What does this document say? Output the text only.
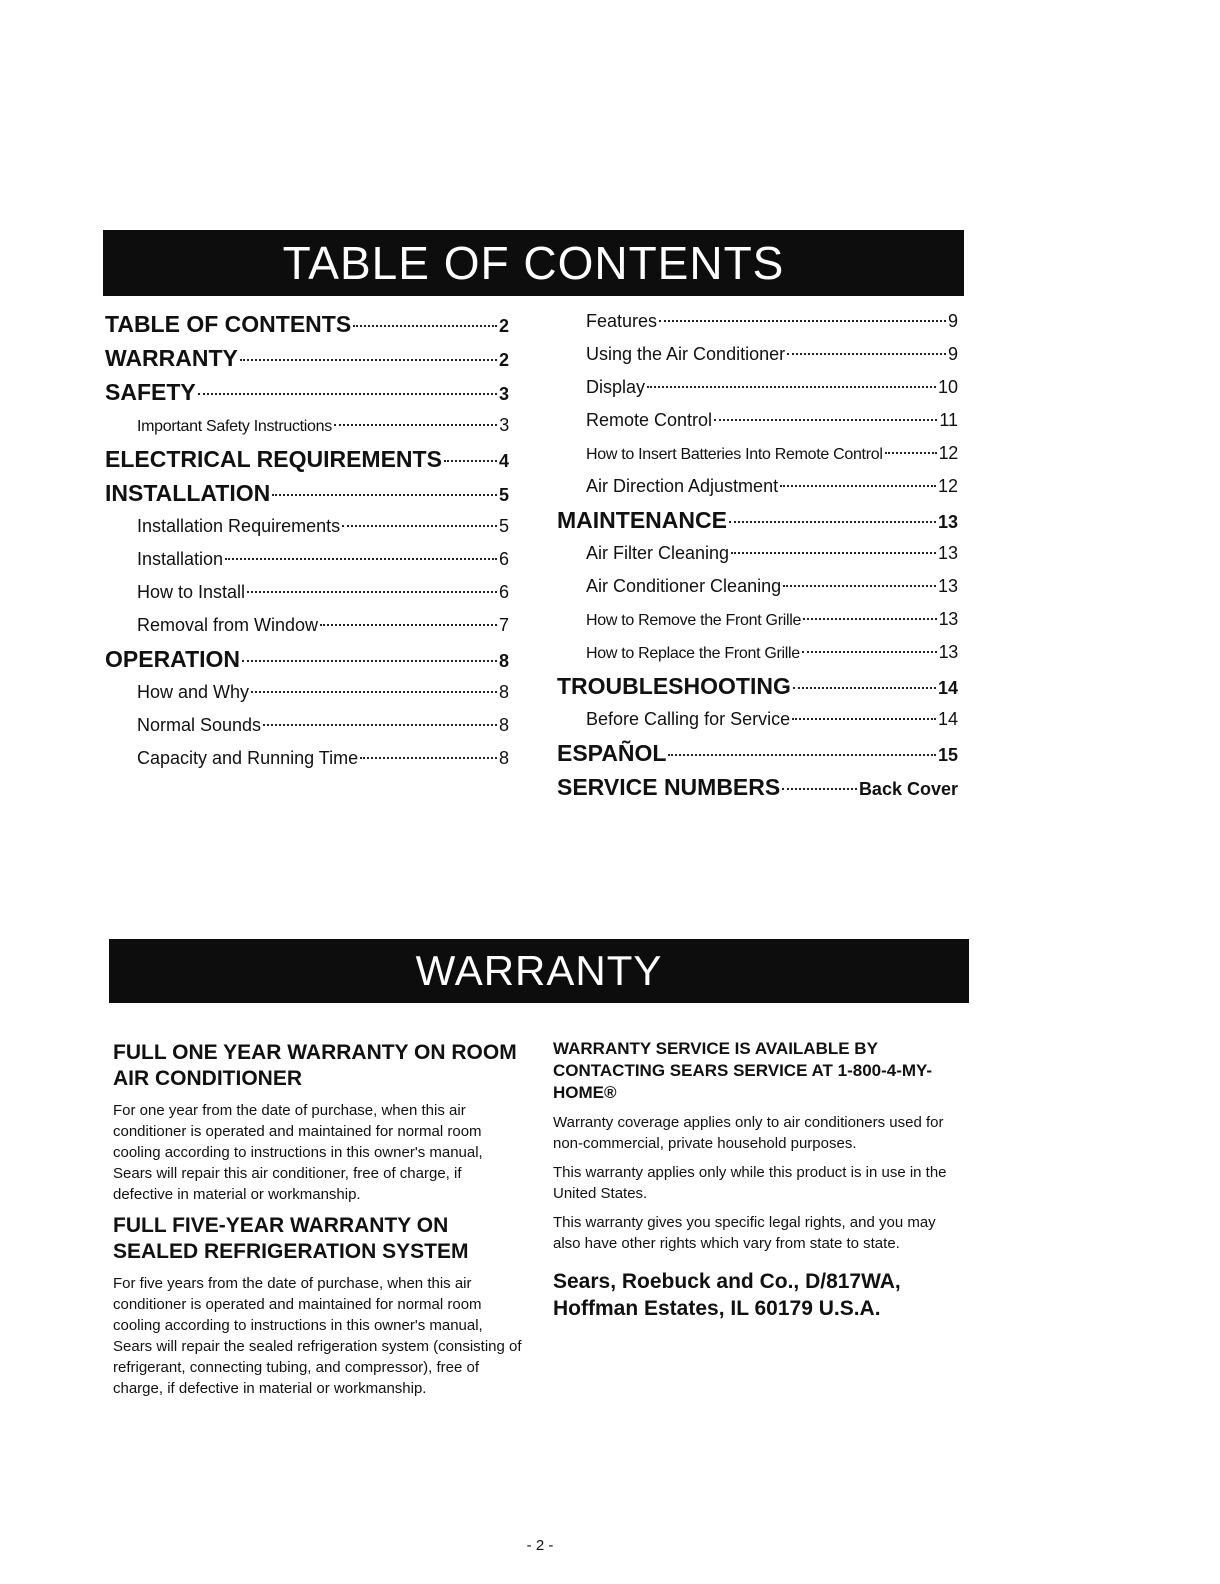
TABLE OF CONTENTS
TABLE OF CONTENTS	2
WARRANTY	2
SAFETY	3
Important Safety Instructions	3
ELECTRICAL REQUIREMENTS	4
INSTALLATION	5
Installation Requirements	5
Installation	6
How to Install	6
Removal from Window	7
OPERATION	8
How and Why	8
Normal Sounds	8
Capacity and Running Time	8
Features	9
Using the Air Conditioner	9
Display	10
Remote Control	11
How to Insert Batteries Into Remote Control	12
Air Direction Adjustment	12
MAINTENANCE	13
Air Filter Cleaning	13
Air Conditioner Cleaning	13
How to Remove the Front Grille	13
How to Replace the Front Grille	13
TROUBLESHOOTING	14
Before Calling for Service	14
ESPAÑOL	15
SERVICE NUMBERS	Back Cover
WARRANTY
FULL ONE YEAR WARRANTY ON ROOM AIR CONDITIONER
For one year from the date of purchase, when this air conditioner is operated and maintained for normal room cooling according to instructions in this owner's manual, Sears will repair this air conditioner, free of charge, if defective in material or workmanship.
FULL FIVE-YEAR WARRANTY ON SEALED REFRIGERATION SYSTEM
For five years from the date of purchase, when this air conditioner is operated and maintained for normal room cooling according to instructions in this owner's manual, Sears will repair the sealed refrigeration system (consisting of refrigerant, connecting tubing, and compressor), free of charge, if defective in material or workmanship.
WARRANTY SERVICE IS AVAILABLE BY CONTACTING SEARS SERVICE AT 1-800-4-MY-HOME®
Warranty coverage applies only to air conditioners used for non-commercial, private household purposes.
This warranty applies only while this product is in use in the United States.
This warranty gives you specific legal rights, and you may also have other rights which vary from state to state.
Sears, Roebuck and Co., D/817WA, Hoffman Estates, IL 60179 U.S.A.
- 2 -
